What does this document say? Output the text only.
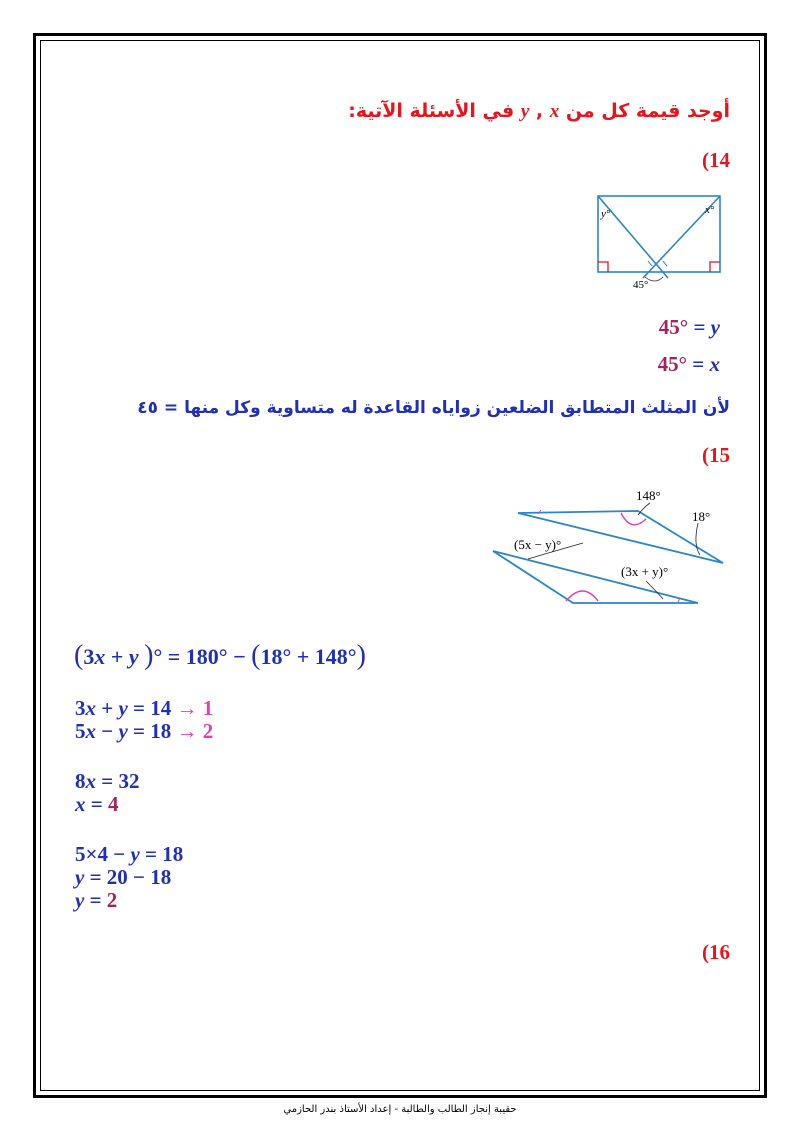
أوجد قيمة كل من y , x في الأسئلة الآتية:
(14
y°	x°
45°
45° = y
45° = x
لأن المثلث المتطابق الضلعين زواياه القاعدة له متساوية وكل منها = ٤٥
(15
148°
18°
(5x − y)°
(3x + y)°
(3x + y )° = 180° − (18° + 148°)
3x + y = 14 → 1
5x − y = 18 → 2
8x = 32
x = 4
5×4 − y = 18
y = 20 − 18
y = 2
(16
حقيبة إنجاز الطالب والطالبة - إعداد الأستاذ بندر الحازمي
